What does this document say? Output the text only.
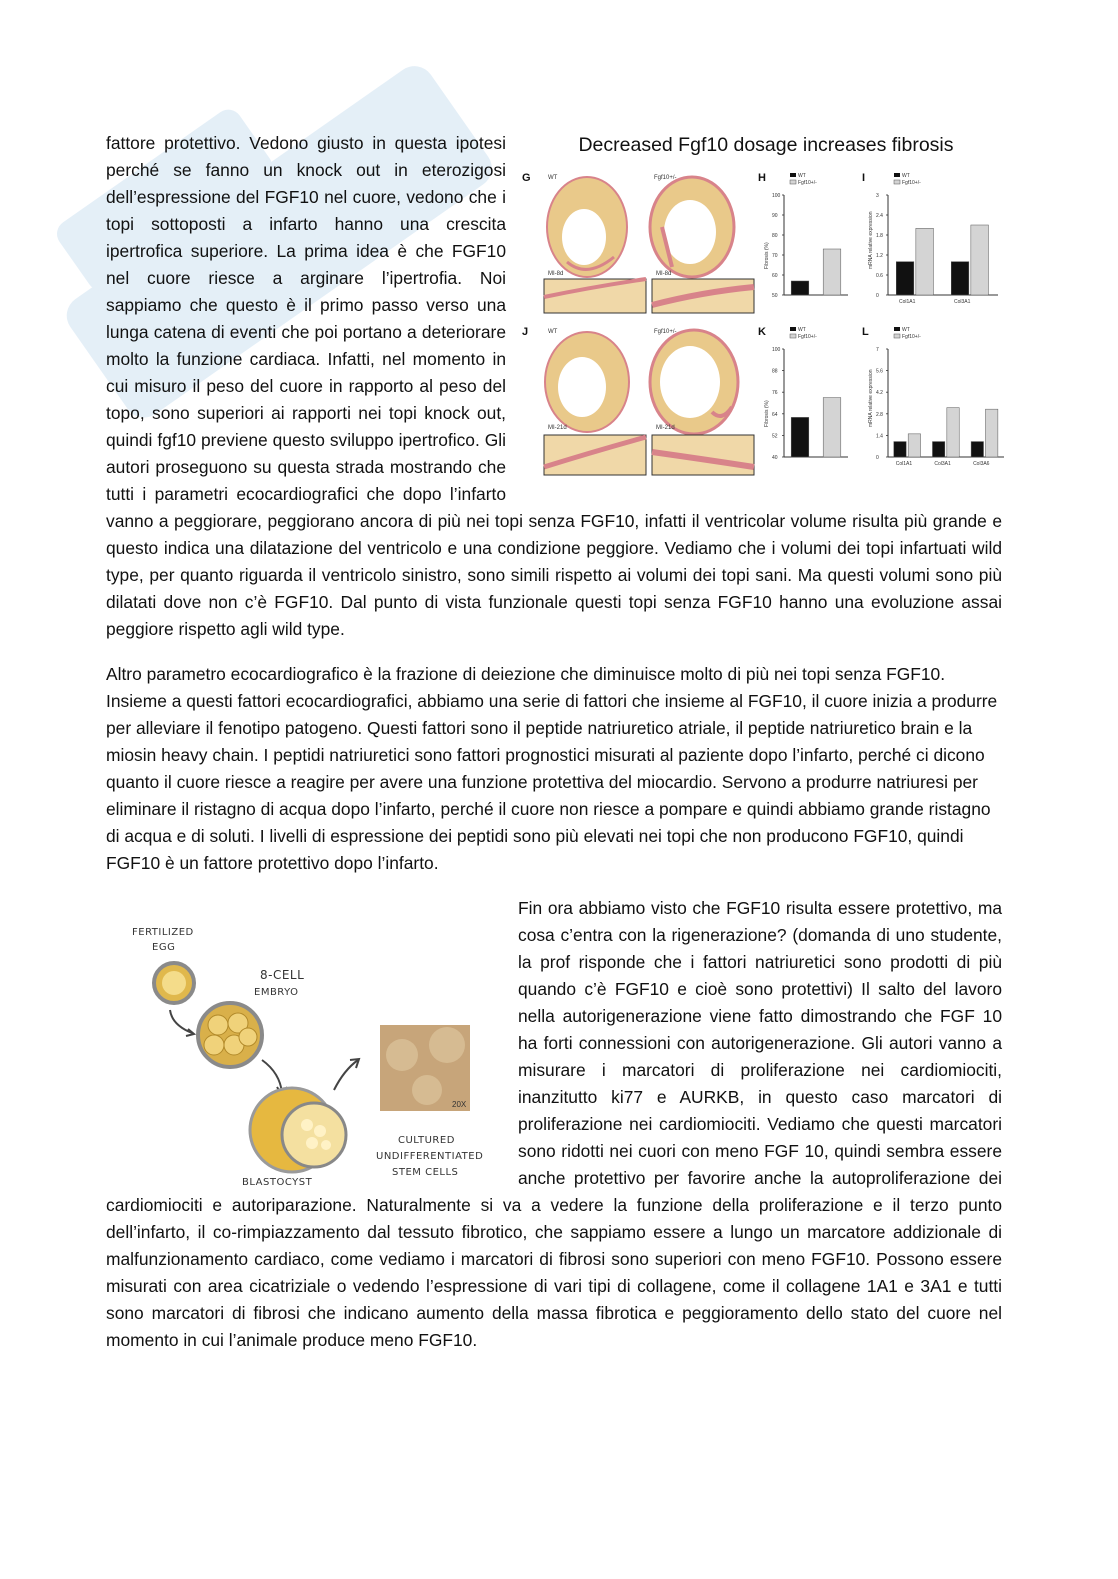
Decreased Fgf10 dosage increases fibrosis
G	WT	Fgf10+/-
MI-8d	MI-8d
J	WT	Fgf10+/-
MI-21d	MI-21d
H	I
K	L
Fibrosis (%)
50
60
70
80
90
100
WT
Fgf10+/-
mRNA relative expression
0
0.6
1.2
1.8
2.4
3
WT
Fgf10+/-
Col1A1	Col3A1
Fibrosis (%)
40
52
64
76
88
100
WT
Fgf10+/-
mRNA relative expression
0
1.4
2.8
4.2
5.6
7
WT
Fgf10+/-
Col1A1	Col3A1	Col3A6

fattore protettivo. Vedono giusto in questa ipotesi perché se fanno un knock out in eterozigosi dell’espressione del FGF10 nel cuore, vedono che i topi sottoposti a infarto hanno una crescita ipertrofica superiore. La prima idea è che FGF10 nel cuore riesce a arginare l’ipertrofia. Noi sappiamo che questo è il primo passo verso una lunga catena di eventi che poi portano a deteriorare molto la funzione cardiaca. Infatti, nel momento in cui misuro il peso del cuore in rapporto al peso del topo, sono superiori ai rapporti nei topi knock out, quindi fgf10 previene questo sviluppo ipertrofico. Gli autori proseguono su questa strada mostrando che tutti i parametri ecocardiografici che dopo l’infarto vanno a peggiorare, peggiorano ancora di più nei topi senza FGF10, infatti il ventricolar volume risulta più grande e questo indica una dilatazione del ventricolo e una condizione peggiore. Vediamo che i volumi dei topi infartuati wild type, per quanto riguarda il ventricolo sinistro, sono simili rispetto ai volumi dei topi sani. Ma questi volumi sono più dilatati dove non c’è FGF10. Dal punto di vista funzionale questi topi senza FGF10 hanno una evoluzione assai peggiore rispetto agli wild type.

Altro parametro ecocardiografico è la frazione di deiezione che diminuisce molto di più nei topi senza FGF10. Insieme a questi fattori ecocardiografici, abbiamo una serie di fattori che insieme al FGF10, il cuore inizia a produrre per alleviare il fenotipo patogeno. Questi fattori sono il peptide natriuretico atriale, il peptide natriuretico brain e la miosin heavy chain. I peptidi natriuretici sono fattori prognostici misurati al paziente dopo l’infarto, perché ci dicono quanto il cuore riesce a reagire per avere una funzione protettiva del miocardio. Servono a produrre natriuresi per eliminare il ristagno di acqua dopo l’infarto, perché il cuore non riesce a pompare e quindi abbiamo grande ristagno di acqua e di soluti. I livelli di espressione dei peptidi sono più elevati nei topi che non producono FGF10, quindi FGF10 è un fattore protettivo dopo l’infarto.

FERTILIZED
EGG
8-CELL
EMBRYO
BLASTOCYST
20X
CULTURED
UNDIFFERENTIATED
STEM CELLS

Fin ora abbiamo visto che FGF10 risulta essere protettivo, ma cosa c’entra con la rigenerazione? (domanda di uno studente, la prof risponde che i fattori natriuretici sono prodotti di più quando c’è FGF10 e cioè sono protettivi) Il salto del lavoro nella autorigenerazione viene fatto dimostrando che FGF 10 ha forti connessioni con autorigenerazione. Gli autori vanno a misurare i marcatori di proliferazione nei cardiomiociti, inanzitutto ki77 e AURKB, in questo caso marcatori di proliferazione nei cardiomiociti. Vediamo che questi marcatori sono ridotti nei cuori con meno FGF 10, quindi sembra essere anche protettivo per favorire anche la autoproliferazione dei cardiomiociti e autoriparazione. Naturalmente si va a vedere la funzione della proliferazione e il terzo punto dell’infarto, il co-rimpiazzamento dal tessuto fibrotico, che sappiamo essere a lungo un marcatore addizionale di malfunzionamento cardiaco, come vediamo i marcatori di fibrosi sono superiori con meno FGF10. Possono essere misurati con area cicatriziale o vedendo l’espressione di vari tipi di collagene, come il collagene 1A1 e 3A1 e tutti sono marcatori di fibrosi che indicano aumento della massa fibrotica e peggioramento dello stato del cuore nel momento in cui l’animale produce meno FGF10.
